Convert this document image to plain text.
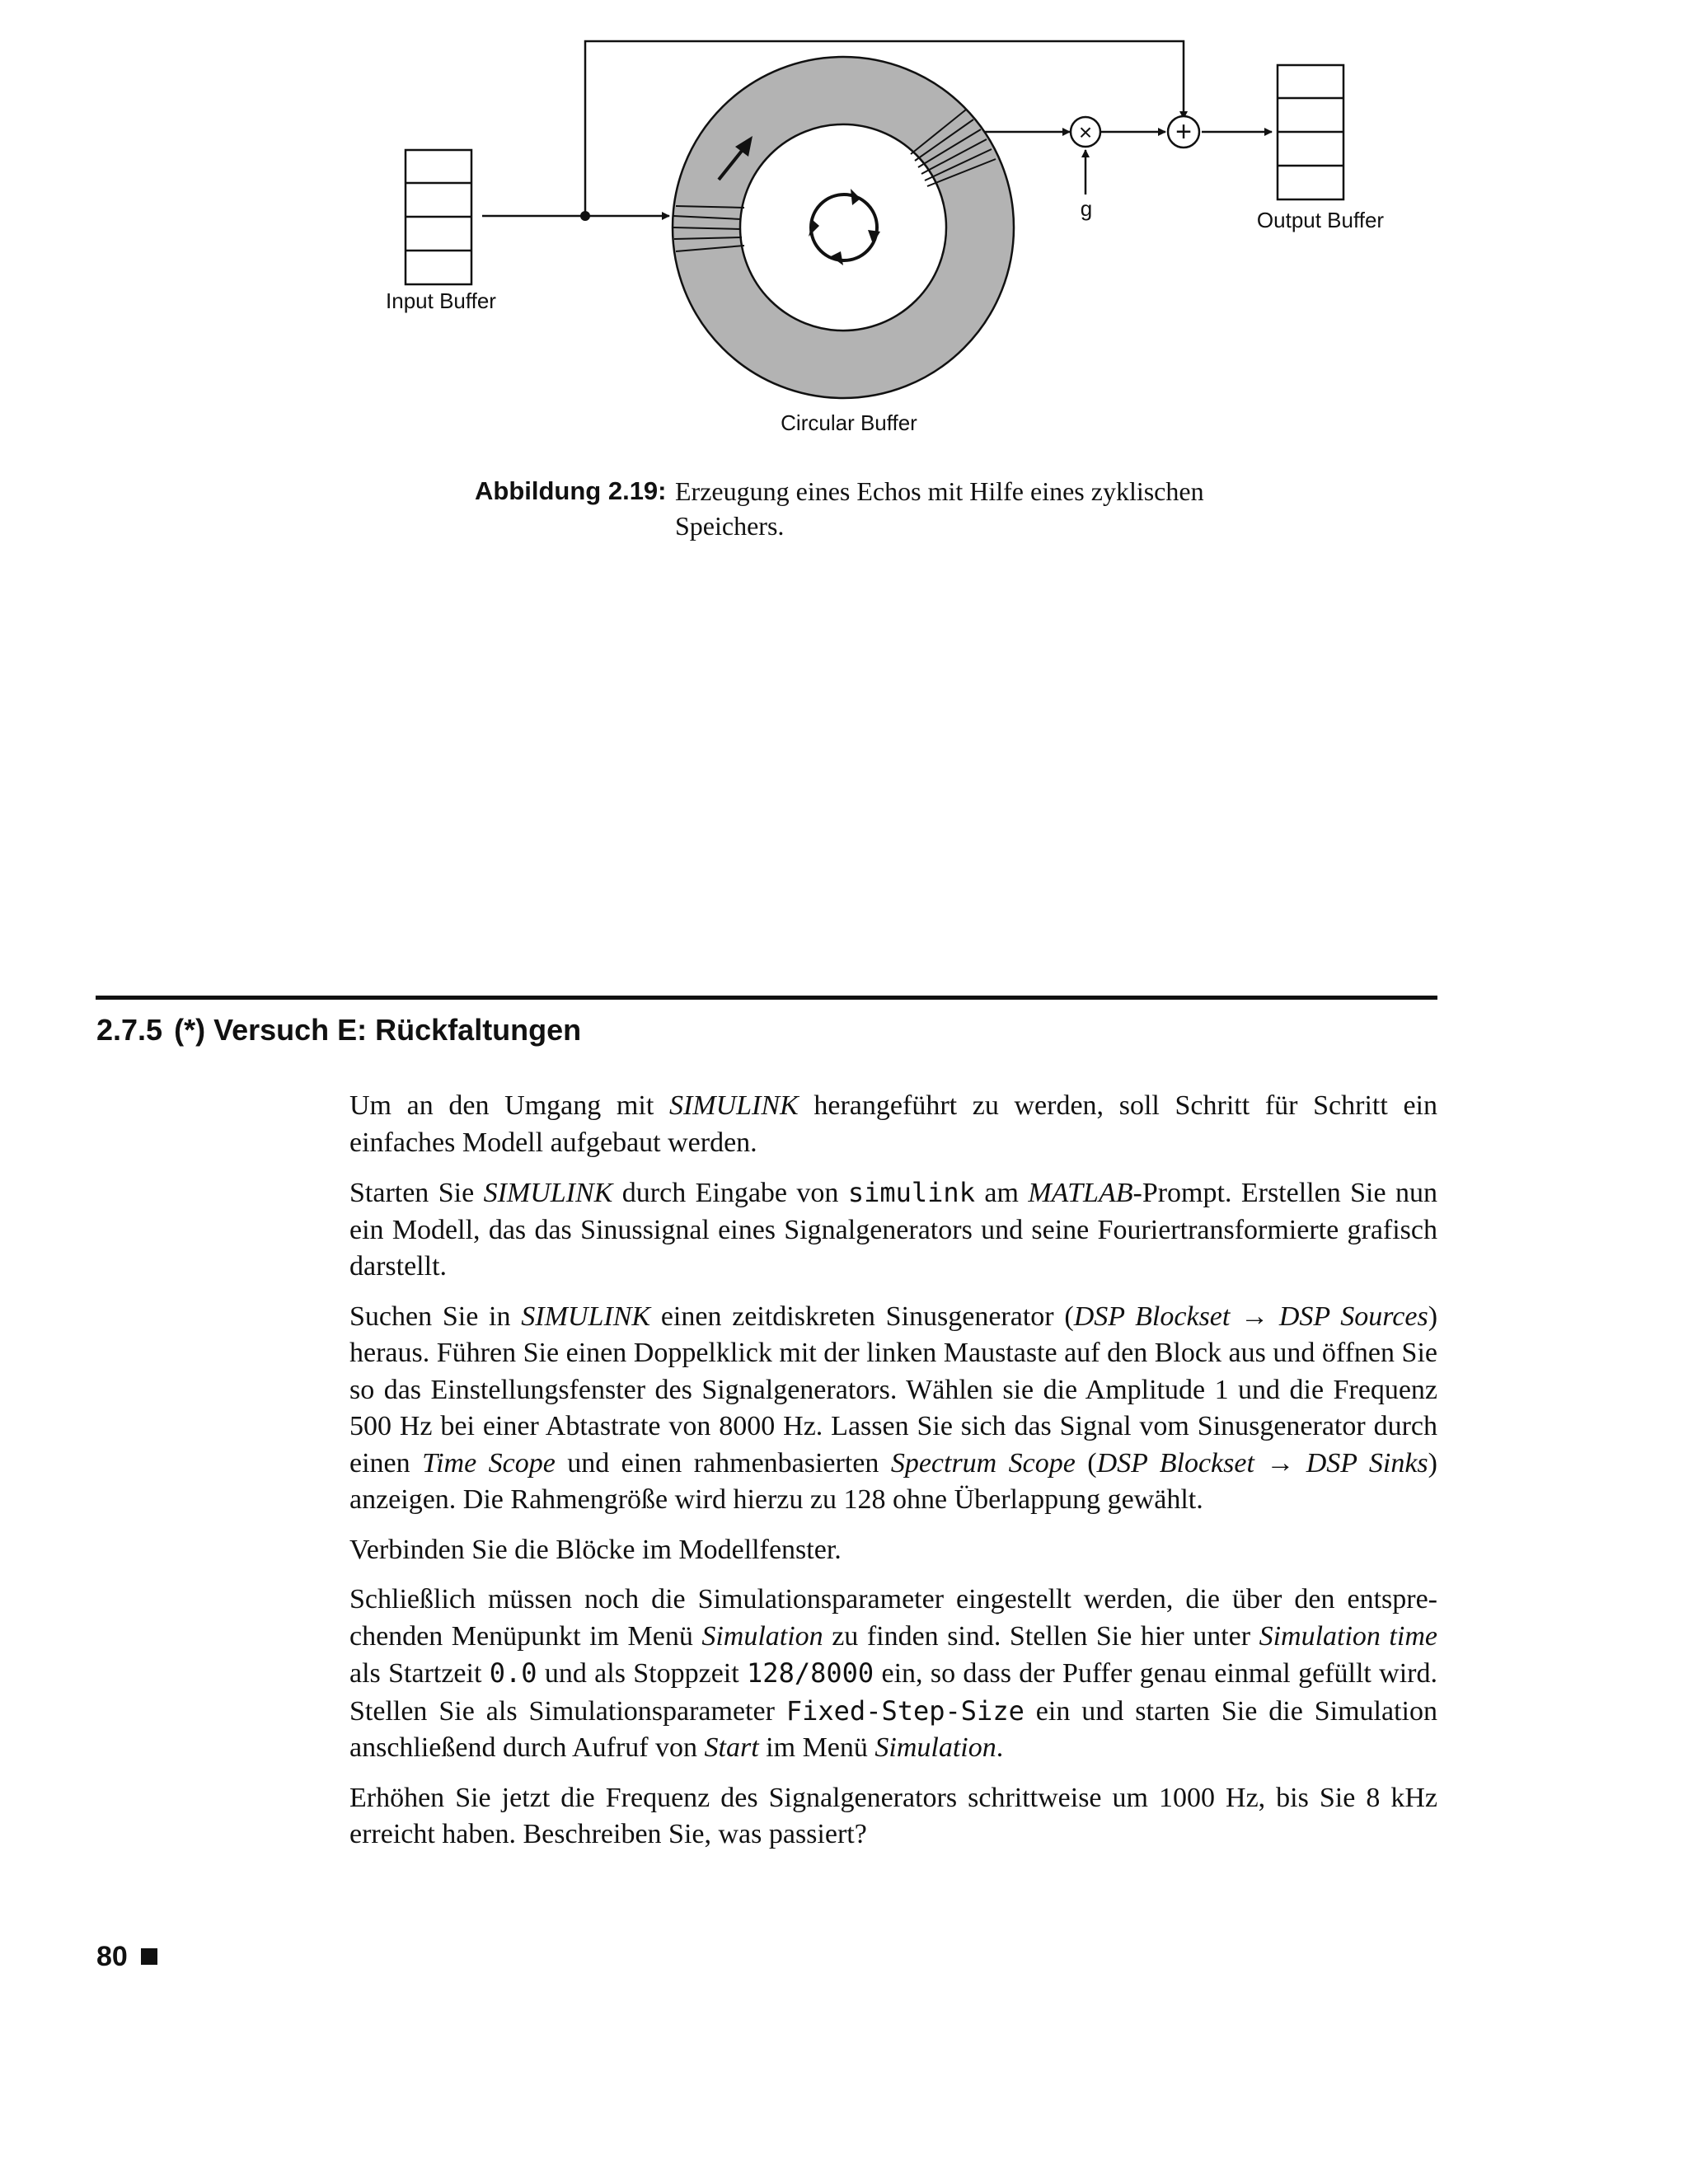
Input Buffer
Circular Buffer
×
g
+
Output Buffer
Abbildung 2.19: Erzeugung eines Echos mit Hilfe eines zyklischen Speichers.
2.7.5 (*) Versuch E: Rückfaltungen

Um an den Umgang mit SIMULINK herangeführt zu werden, soll Schritt für Schritt ein einfaches Modell aufgebaut werden.

Starten Sie SIMULINK durch Eingabe von simulink am MATLAB-Prompt. Erstellen Sie nun ein Modell, das das Sinussignal eines Signalgenerators und seine Fouriertransformierte grafisch darstellt.

Suchen Sie in SIMULINK einen zeitdiskreten Sinusgenerator (DSP Blockset → DSP Sources) heraus. Führen Sie einen Doppelklick mit der linken Maustaste auf den Block aus und öffnen Sie so das Einstellungsfenster des Signalgenerators. Wählen sie die Amplitude 1 und die Frequenz 500 Hz bei einer Abtastrate von 8000 Hz. Lassen Sie sich das Signal vom Sinusgenerator durch einen Time Scope und einen rahmenbasierten Spectrum Scope (DSP Blockset → DSP Sinks) anzeigen. Die Rahmengröße wird hierzu zu 128 ohne Überlappung gewählt.

Verbinden Sie die Blöcke im Modellfenster.

Schließlich müssen noch die Simulationsparameter eingestellt werden, die über den entsprechenden Menüpunkt im Menü Simulation zu finden sind. Stellen Sie hier unter Simulation time als Startzeit 0.0 und als Stoppzeit 128/8000 ein, so dass der Puffer genau einmal gefüllt wird. Stellen Sie als Simulationsparameter Fixed-Step-Size ein und starten Sie die Simulation anschließend durch Aufruf von Start im Menü Simulation.

Erhöhen Sie jetzt die Frequenz des Signalgenerators schrittweise um 1000 Hz, bis Sie 8 kHz erreicht haben. Beschreiben Sie, was passiert?

80
